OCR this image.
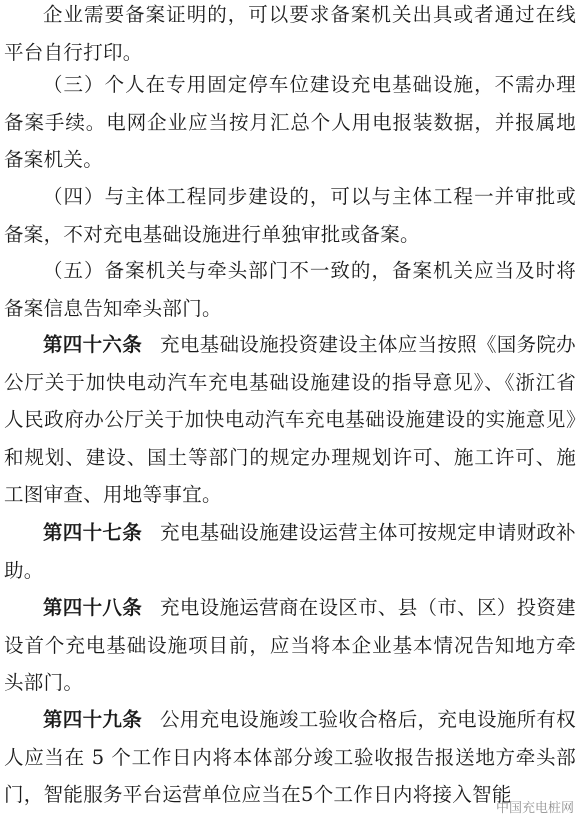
企业需要备案证明的，可以要求备案机关出具或者通过在线平台自行打印。

（三）个人在专用固定停车位建设充电基础设施，不需办理备案手续。电网企业应当按月汇总个人用电报装数据，并报属地备案机关。

（四）与主体工程同步建设的，可以与主体工程一并审批或备案，不对充电基础设施进行单独审批或备案。

（五）备案机关与牵头部门不一致的，备案机关应当及时将备案信息告知牵头部门。

第四十六条 充电基础设施投资建设主体应当按照《国务院办公厅关于加快电动汽车充电基础设施建设的指导意见》、《浙江省人民政府办公厅关于加快电动汽车充电基础设施建设的实施意见》和规划、建设、国土等部门的规定办理规划许可、施工许可、施工图审查、用地等事宜。

第四十七条 充电基础设施建设运营主体可按规定申请财政补助。

第四十八条 充电设施运营商在设区市、县（市、区）投资建设首个充电基础设施项目前，应当将本企业基本情况告知地方牵头部门。

第四十九条 公用充电设施竣工验收合格后，充电设施所有权人应当在 5 个工作日内将本体部分竣工验收报告报送地方牵头部门，智能服务平台运营单位应当在5个工作日内将接入智能

中国充电桩网
